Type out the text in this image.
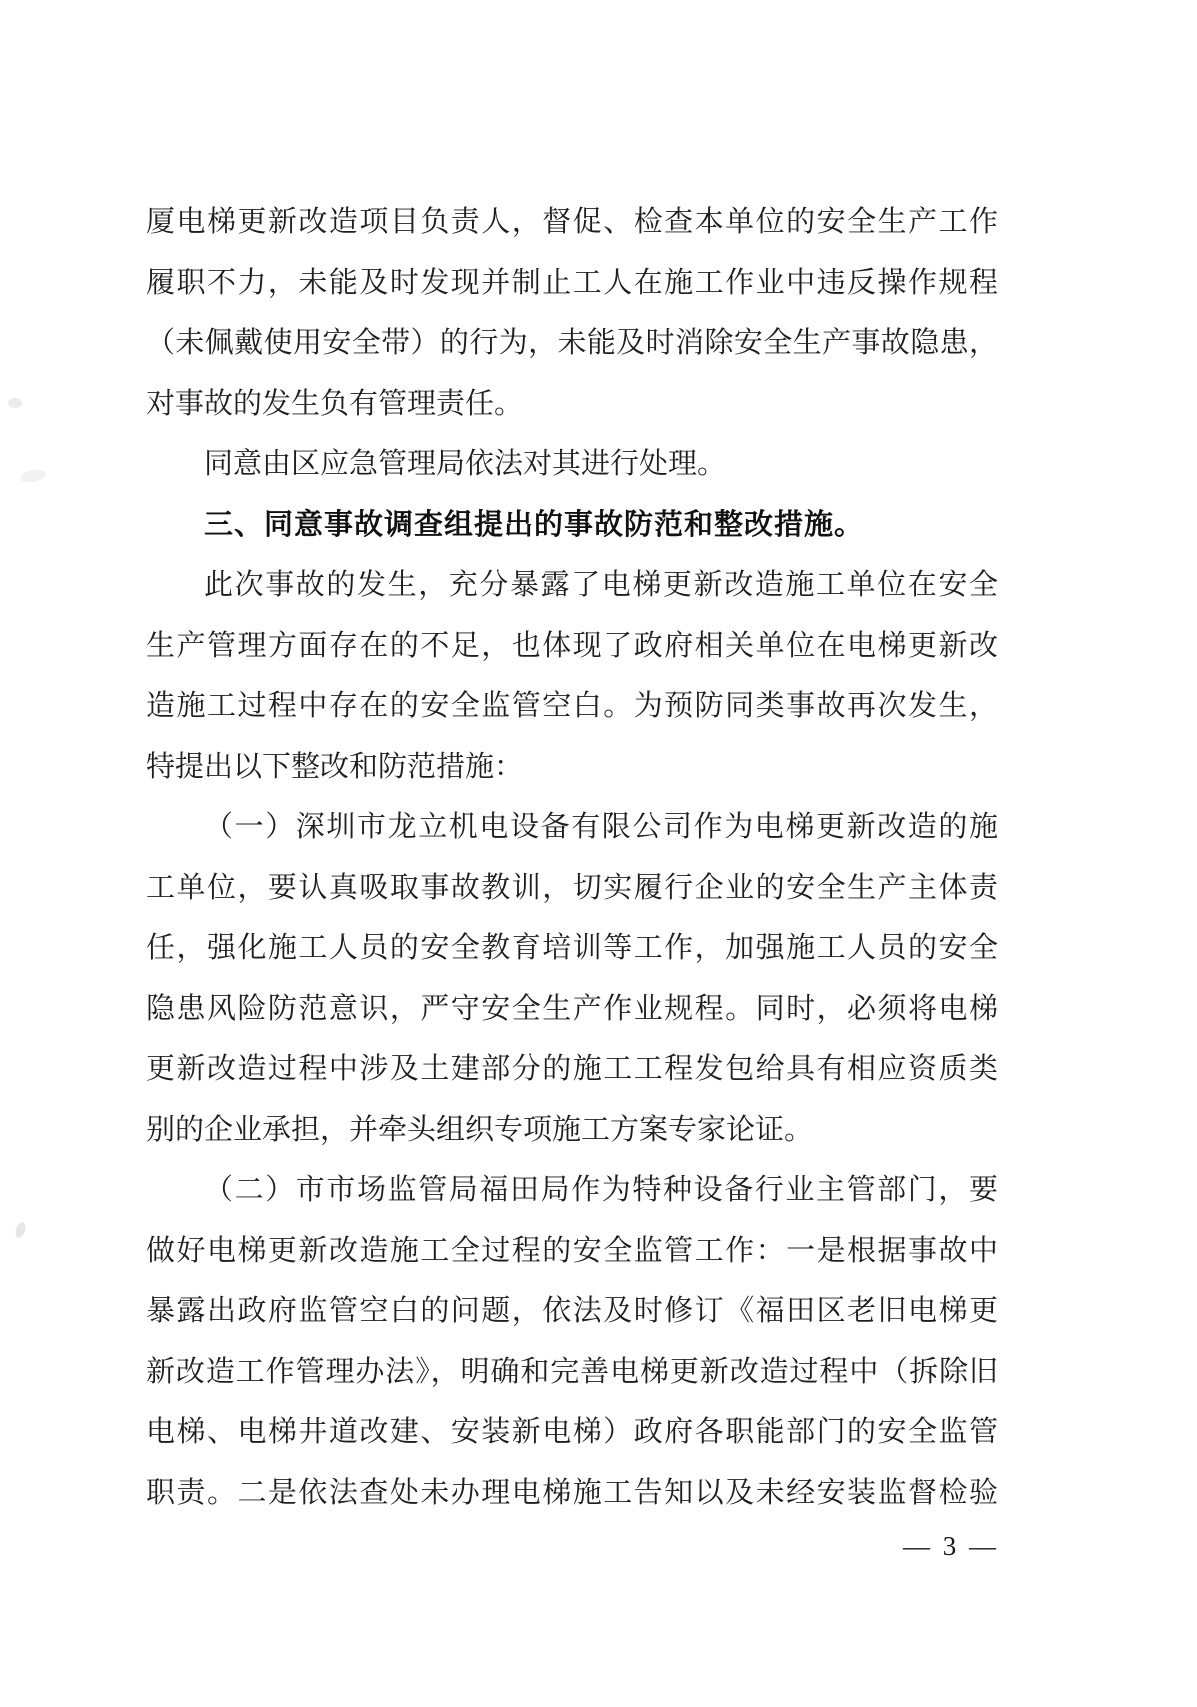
厦电梯更新改造项目负责人，督促、检查本单位的安全生产工作
履职不力，未能及时发现并制止工人在施工作业中违反操作规程
（未佩戴使用安全带）的行为，未能及时消除安全生产事故隐患，
对事故的发生负有管理责任。
同意由区应急管理局依法对其进行处理。
三、同意事故调查组提出的事故防范和整改措施。
此次事故的发生，充分暴露了电梯更新改造施工单位在安全
生产管理方面存在的不足，也体现了政府相关单位在电梯更新改
造施工过程中存在的安全监管空白。为预防同类事故再次发生，
特提出以下整改和防范措施：
（一）深圳市龙立机电设备有限公司作为电梯更新改造的施
工单位，要认真吸取事故教训，切实履行企业的安全生产主体责
任，强化施工人员的安全教育培训等工作，加强施工人员的安全
隐患风险防范意识，严守安全生产作业规程。同时，必须将电梯
更新改造过程中涉及土建部分的施工工程发包给具有相应资质类
别的企业承担，并牵头组织专项施工方案专家论证。
（二）市市场监管局福田局作为特种设备行业主管部门，要
做好电梯更新改造施工全过程的安全监管工作：一是根据事故中
暴露出政府监管空白的问题，依法及时修订《福田区老旧电梯更
新改造工作管理办法》，明确和完善电梯更新改造过程中（拆除旧
电梯、电梯井道改建、安装新电梯）政府各职能部门的安全监管
职责。二是依法查处未办理电梯施工告知以及未经安装监督检验
— 3 —
